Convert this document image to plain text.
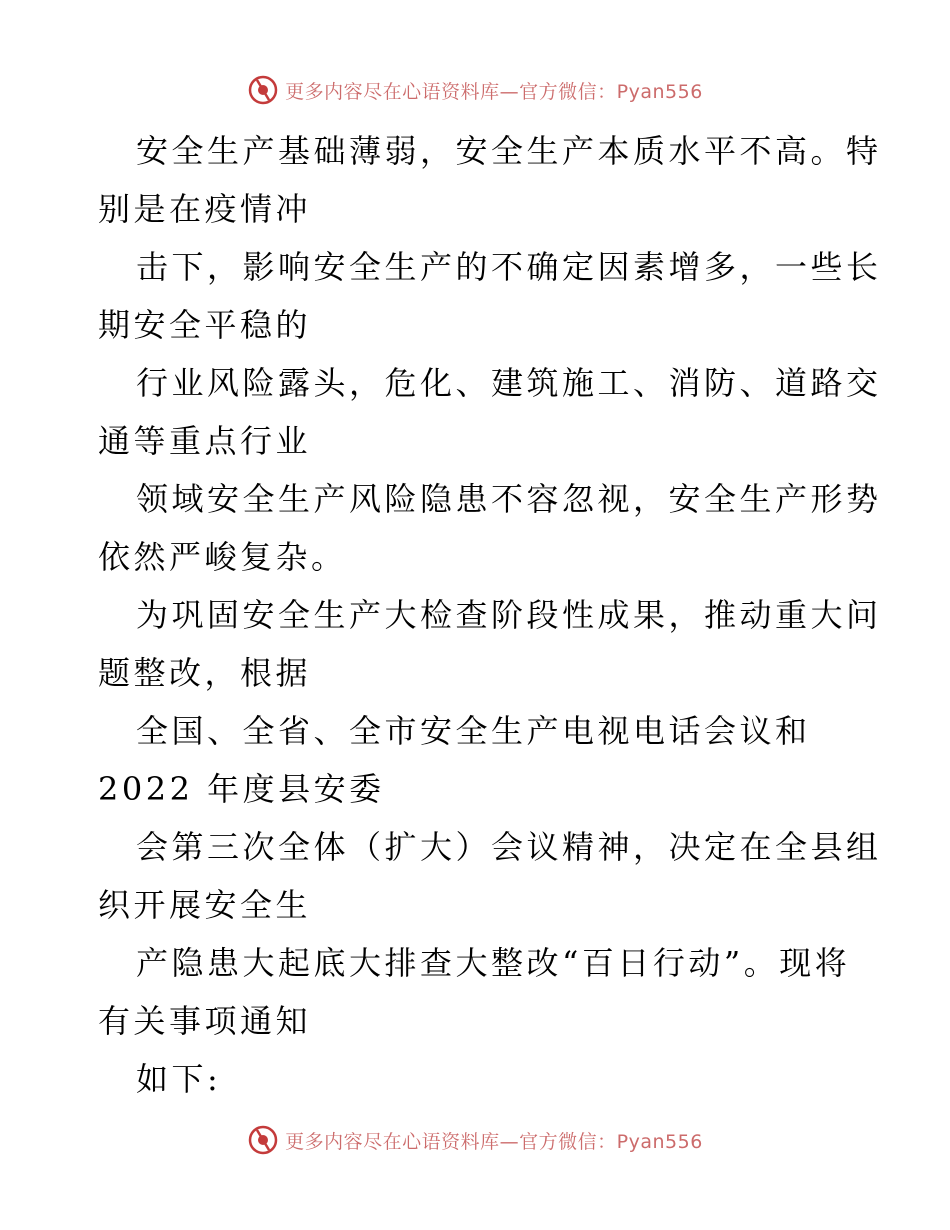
更多内容尽在心语资料库—官方微信：Pyan556
安全生产基础薄弱，安全生产本质水平不高。特
别是在疫情冲
击下，影响安全生产的不确定因素增多，一些长
期安全平稳的
行业风险露头，危化、建筑施工、消防、道路交
通等重点行业
领域安全生产风险隐患不容忽视，安全生产形势
依然严峻复杂。
为巩固安全生产大检查阶段性成果，推动重大问
题整改，根据
全国、全省、全市安全生产电视电话会议和
2022 年度县安委
会第三次全体（扩大）会议精神，决定在全县组
织开展安全生
产隐患大起底大排查大整改“百日行动”。现将
有关事项通知
如下:
更多内容尽在心语资料库—官方微信：Pyan556
